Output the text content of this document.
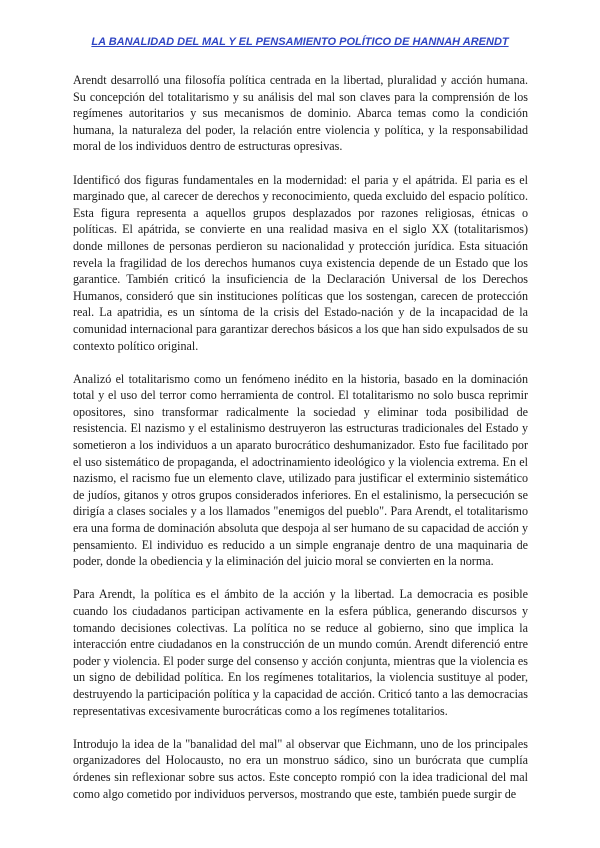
LA BANALIDAD DEL MAL Y EL PENSAMIENTO POLÍTICO DE HANNAH ARENDT

Arendt desarrolló una filosofía política centrada en la libertad, pluralidad y acción humana. Su concepción del totalitarismo y su análisis del mal son claves para la comprensión de los regímenes autoritarios y sus mecanismos de dominio. Abarca temas como la condición humana, la naturaleza del poder, la relación entre violencia y política, y la responsabilidad moral de los individuos dentro de estructuras opresivas.

Identificó dos figuras fundamentales en la modernidad: el paria y el apátrida. El paria es el marginado que, al carecer de derechos y reconocimiento, queda excluido del espacio político. Esta figura representa a aquellos grupos desplazados por razones religiosas, étnicas o políticas. El apátrida, se convierte en una realidad masiva en el siglo XX (totalitarismos) donde millones de personas perdieron su nacionalidad y protección jurídica. Esta situación revela la fragilidad de los derechos humanos cuya existencia depende de un Estado que los garantice. También criticó la insuficiencia de la Declaración Universal de los Derechos Humanos, consideró que sin instituciones políticas que los sostengan, carecen de protección real. La apatridia, es un síntoma de la crisis del Estado-nación y de la incapacidad de la comunidad internacional para garantizar derechos básicos a los que han sido expulsados de su contexto político original.

Analizó el totalitarismo como un fenómeno inédito en la historia, basado en la dominación total y el uso del terror como herramienta de control. El totalitarismo no solo busca reprimir opositores, sino transformar radicalmente la sociedad y eliminar toda posibilidad de resistencia. El nazismo y el estalinismo destruyeron las estructuras tradicionales del Estado y sometieron a los individuos a un aparato burocrático deshumanizador. Esto fue facilitado por el uso sistemático de propaganda, el adoctrinamiento ideológico y la violencia extrema. En el nazismo, el racismo fue un elemento clave, utilizado para justificar el exterminio sistemático de judíos, gitanos y otros grupos considerados inferiores. En el estalinismo, la persecución se dirigía a clases sociales y a los llamados "enemigos del pueblo". Para Arendt, el totalitarismo era una forma de dominación absoluta que despoja al ser humano de su capacidad de acción y pensamiento. El individuo es reducido a un simple engranaje dentro de una maquinaria de poder, donde la obediencia y la eliminación del juicio moral se convierten en la norma.

Para Arendt, la política es el ámbito de la acción y la libertad. La democracia es posible cuando los ciudadanos participan activamente en la esfera pública, generando discursos y tomando decisiones colectivas. La política no se reduce al gobierno, sino que implica la interacción entre ciudadanos en la construcción de un mundo común. Arendt diferenció entre poder y violencia. El poder surge del consenso y acción conjunta, mientras que la violencia es un signo de debilidad política. En los regímenes totalitarios, la violencia sustituye al poder, destruyendo la participación política y la capacidad de acción. Criticó tanto a las democracias representativas excesivamente burocráticas como a los regímenes totalitarios.

Introdujo la idea de la "banalidad del mal" al observar que Eichmann, uno de los principales organizadores del Holocausto, no era un monstruo sádico, sino un burócrata que cumplía órdenes sin reflexionar sobre sus actos. Este concepto rompió con la idea tradicional del mal como algo cometido por individuos perversos, mostrando que este, también puede surgir de
